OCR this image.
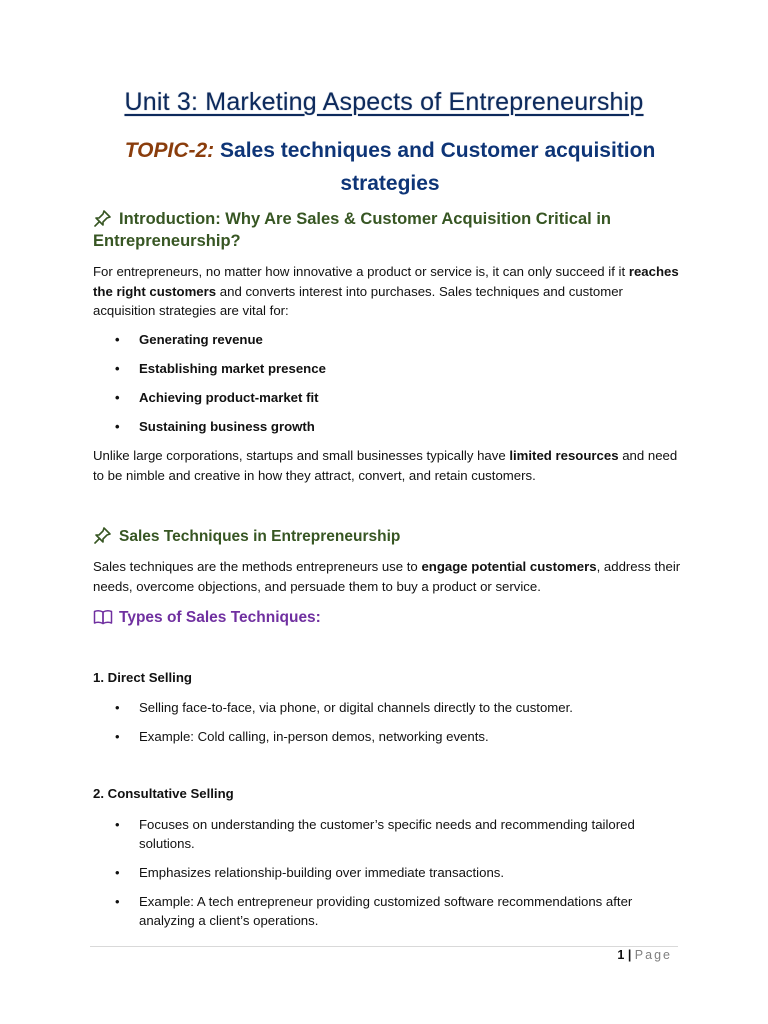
Unit 3: Marketing Aspects of Entrepreneurship

TOPIC-2: Sales techniques and Customer acquisition strategies

Introduction: Why Are Sales & Customer Acquisition Critical in Entrepreneurship?

For entrepreneurs, no matter how innovative a product or service is, it can only succeed if it reaches the right customers and converts interest into purchases. Sales techniques and customer acquisition strategies are vital for:

• Generating revenue
• Establishing market presence
• Achieving product-market fit
• Sustaining business growth

Unlike large corporations, startups and small businesses typically have limited resources and need to be nimble and creative in how they attract, convert, and retain customers.

Sales Techniques in Entrepreneurship

Sales techniques are the methods entrepreneurs use to engage potential customers, address their needs, overcome objections, and persuade them to buy a product or service.

Types of Sales Techniques:

1. Direct Selling

• Selling face-to-face, via phone, or digital channels directly to the customer.
• Example: Cold calling, in-person demos, networking events.

2. Consultative Selling

• Focuses on understanding the customer’s specific needs and recommending tailored solutions.
• Emphasizes relationship-building over immediate transactions.
• Example: A tech entrepreneur providing customized software recommendations after analyzing a client’s operations.
1 | Page
